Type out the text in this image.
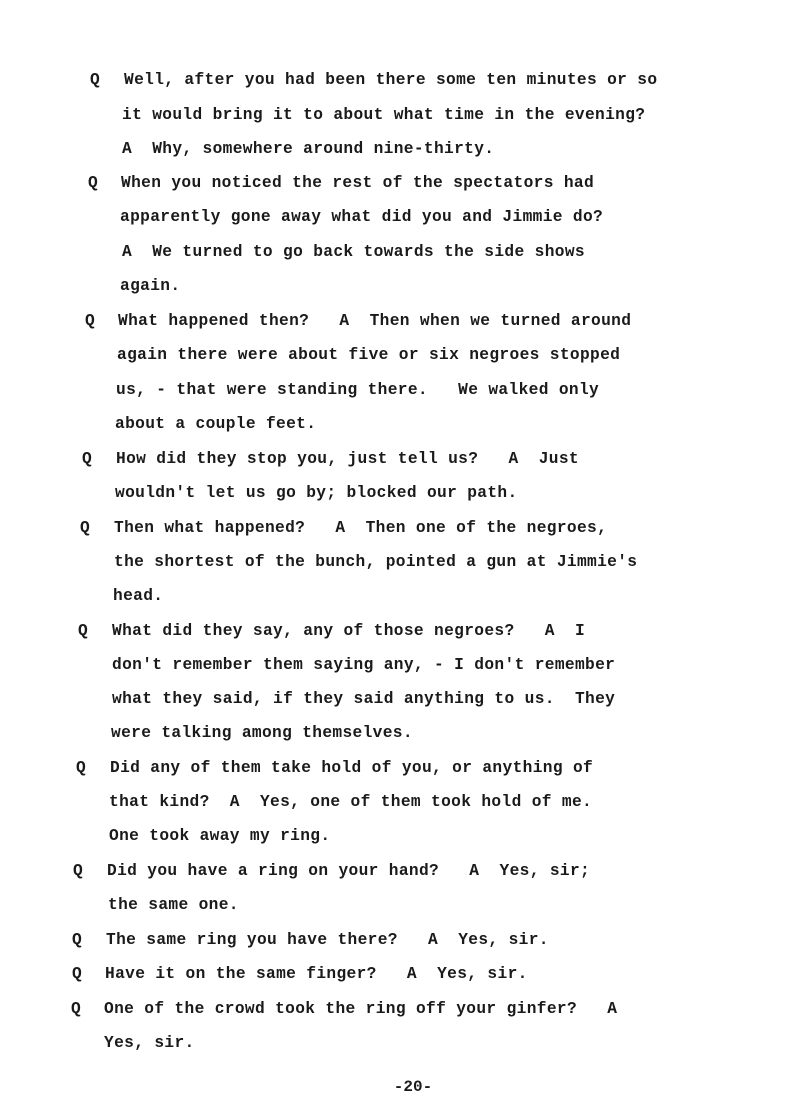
Q
Q
Q
Q
Q
Q
Q
Q
Q
Q
Q
Well, after you had been there some ten minutes or so
it would bring it to about what time in the evening?
A  Why, somewhere around nine-thirty.
When you noticed the rest of the spectators had
apparently gone away what did you and Jimmie do?
A  We turned to go back towards the side shows
again.
What happened then?   A  Then when we turned around
again there were about five or six negroes stopped
us, - that were standing there.   We walked only
about a couple feet.
How did they stop you, just tell us?   A  Just
wouldn't let us go by; blocked our path.
Then what happened?   A  Then one of the negroes,
the shortest of the bunch, pointed a gun at Jimmie's
head.
What did they say, any of those negroes?   A  I
don't remember them saying any, - I don't remember
what they said, if they said anything to us.  They
were talking among themselves.
Did any of them take hold of you, or anything of
that kind?  A  Yes, one of them took hold of me.
One took away my ring.
Did you have a ring on your hand?   A  Yes, sir;
the same one.
The same ring you have there?   A  Yes, sir.
Have it on the same finger?   A  Yes, sir.
One of the crowd took the ring off your ginfer?   A
Yes, sir.
-20-
